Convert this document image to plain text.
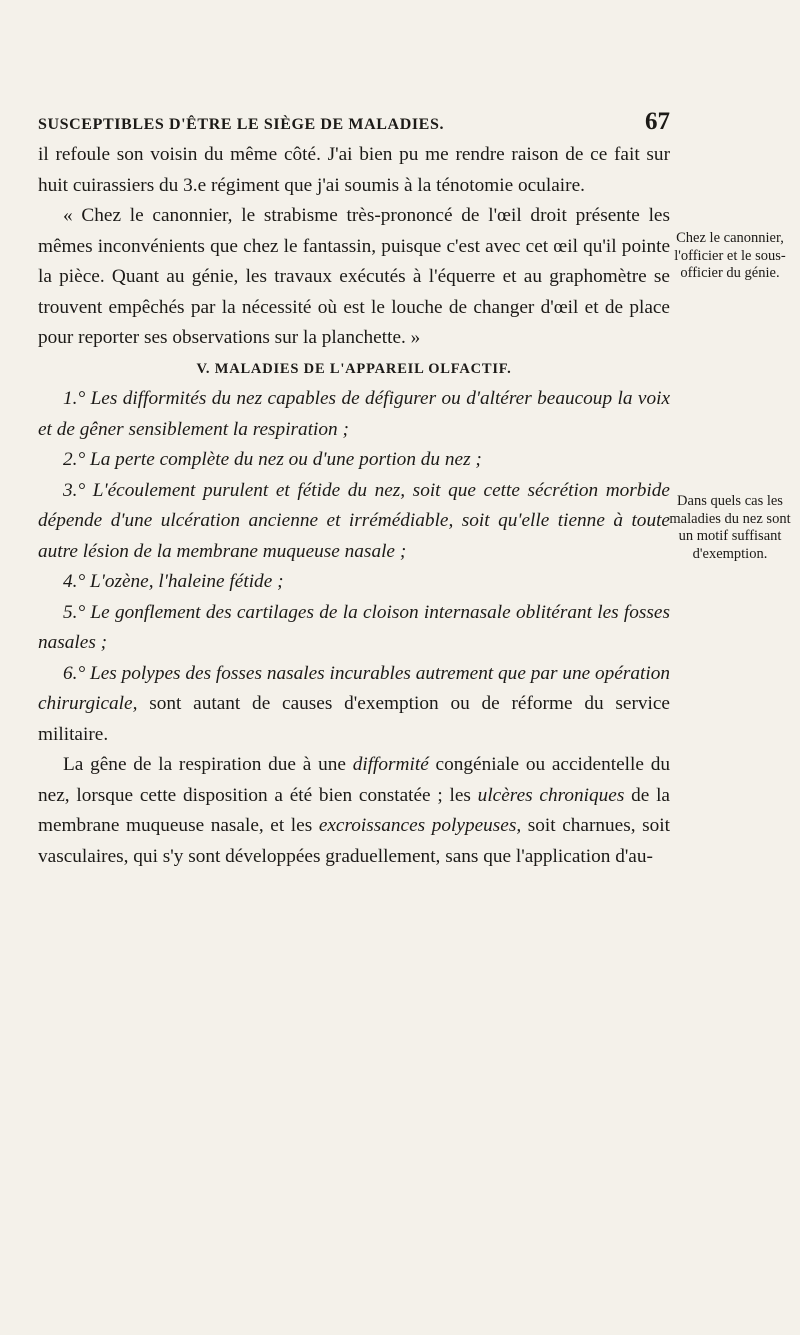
SUSCEPTIBLES D'ÊTRE LE SIÈGE DE MALADIES.	67

il refoule son voisin du même côté. J'ai bien pu me rendre raison de ce fait sur huit cuirassiers du 3.e régiment que j'ai soumis à la ténotomie oculaire.

« Chez le canonnier, le strabisme très-prononcé de l'œil droit présente les mêmes inconvénients que chez le fantassin, puisque c'est avec cet œil qu'il pointe la pièce. Quant au génie, les travaux exécutés à l'équerre et au graphomètre se trouvent empêchés par la nécessité où est le louche de changer d'œil et de place pour reporter ses observations sur la planchette. »

V. MALADIES DE L'APPAREIL OLFACTIF.

1.° Les difformités du nez capables de défigurer ou d'altérer beaucoup la voix et de gêner sensiblement la respiration ;

2.° La perte complète du nez ou d'une portion du nez ;

3.° L'écoulement purulent et fétide du nez, soit que cette sécrétion morbide dépende d'une ulcération ancienne et irrémédiable, soit qu'elle tienne à toute autre lésion de la membrane muqueuse nasale ;

4.° L'ozène, l'haleine fétide ;

5.° Le gonflement des cartilages de la cloison internasale oblitérant les fosses nasales ;

6.° Les polypes des fosses nasales incurables autrement que par une opération chirurgicale, sont autant de causes d'exemption ou de réforme du service militaire.

La gêne de la respiration due à une difformité congéniale ou accidentelle du nez, lorsque cette disposition a été bien constatée ; les ulcères chroniques de la membrane muqueuse nasale, et les excroissances polypeuses, soit charnues, soit vasculaires, qui s'y sont développées graduellement, sans que l'application d'au-

Chez le canonnier, l'officier et le sous-officier du génie.
Dans quels cas les maladies du nez sont un motif suffisant d'exemption.
